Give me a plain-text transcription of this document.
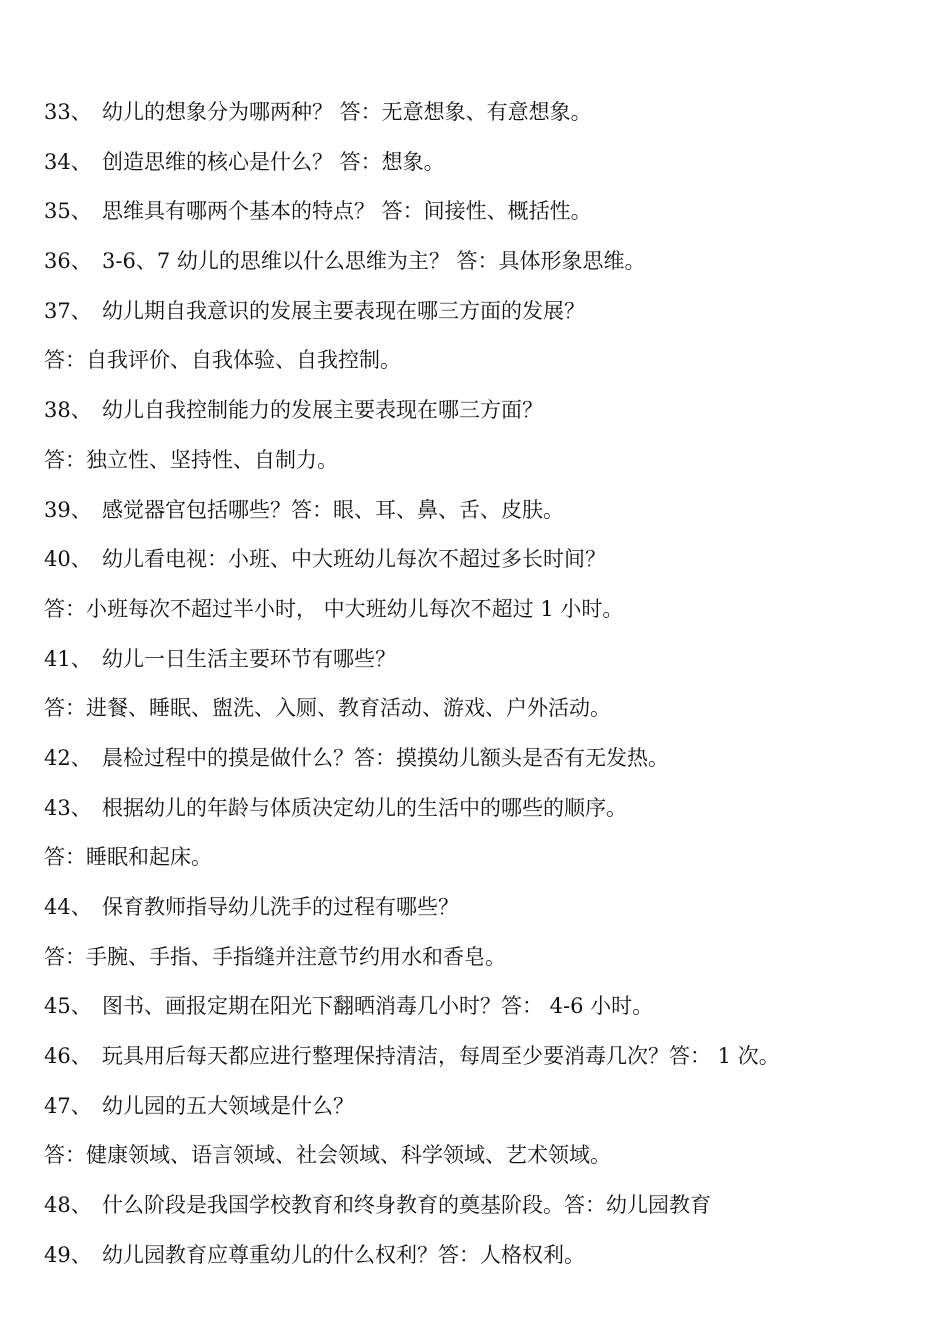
33、 幼儿的想象分为哪两种？ 答：无意想象、有意想象。
34、 创造思维的核心是什么？ 答：想象。
35、 思维具有哪两个基本的特点？ 答：间接性、概括性。
36、 3-6、7 幼儿的思维以什么思维为主？ 答：具体形象思维。
37、 幼儿期自我意识的发展主要表现在哪三方面的发展？
答：自我评价、自我体验、自我控制。
38、 幼儿自我控制能力的发展主要表现在哪三方面？
答：独立性、坚持性、自制力。
39、 感觉器官包括哪些？答：眼、耳、鼻、舌、皮肤。
40、 幼儿看电视：小班、中大班幼儿每次不超过多长时间？
答：小班每次不超过半小时， 中大班幼儿每次不超过 1 小时。
41、 幼儿一日生活主要环节有哪些？
答：进餐、睡眠、盥洗、入厕、教育活动、游戏、户外活动。
42、 晨检过程中的摸是做什么？答：摸摸幼儿额头是否有无发热。
43、 根据幼儿的年龄与体质决定幼儿的生活中的哪些的顺序。
答：睡眠和起床。
44、 保育教师指导幼儿洗手的过程有哪些？
答：手腕、手指、手指缝并注意节约用水和香皂。
45、 图书、画报定期在阳光下翻晒消毒几小时？答： 4-6 小时。
46、 玩具用后每天都应进行整理保持清洁，每周至少要消毒几次？答： 1 次。
47、 幼儿园的五大领域是什么？
答：健康领域、语言领域、社会领域、科学领域、艺术领域。
48、 什么阶段是我国学校教育和终身教育的奠基阶段。答：幼儿园教育
49、 幼儿园教育应尊重幼儿的什么权利？答：人格权利。
